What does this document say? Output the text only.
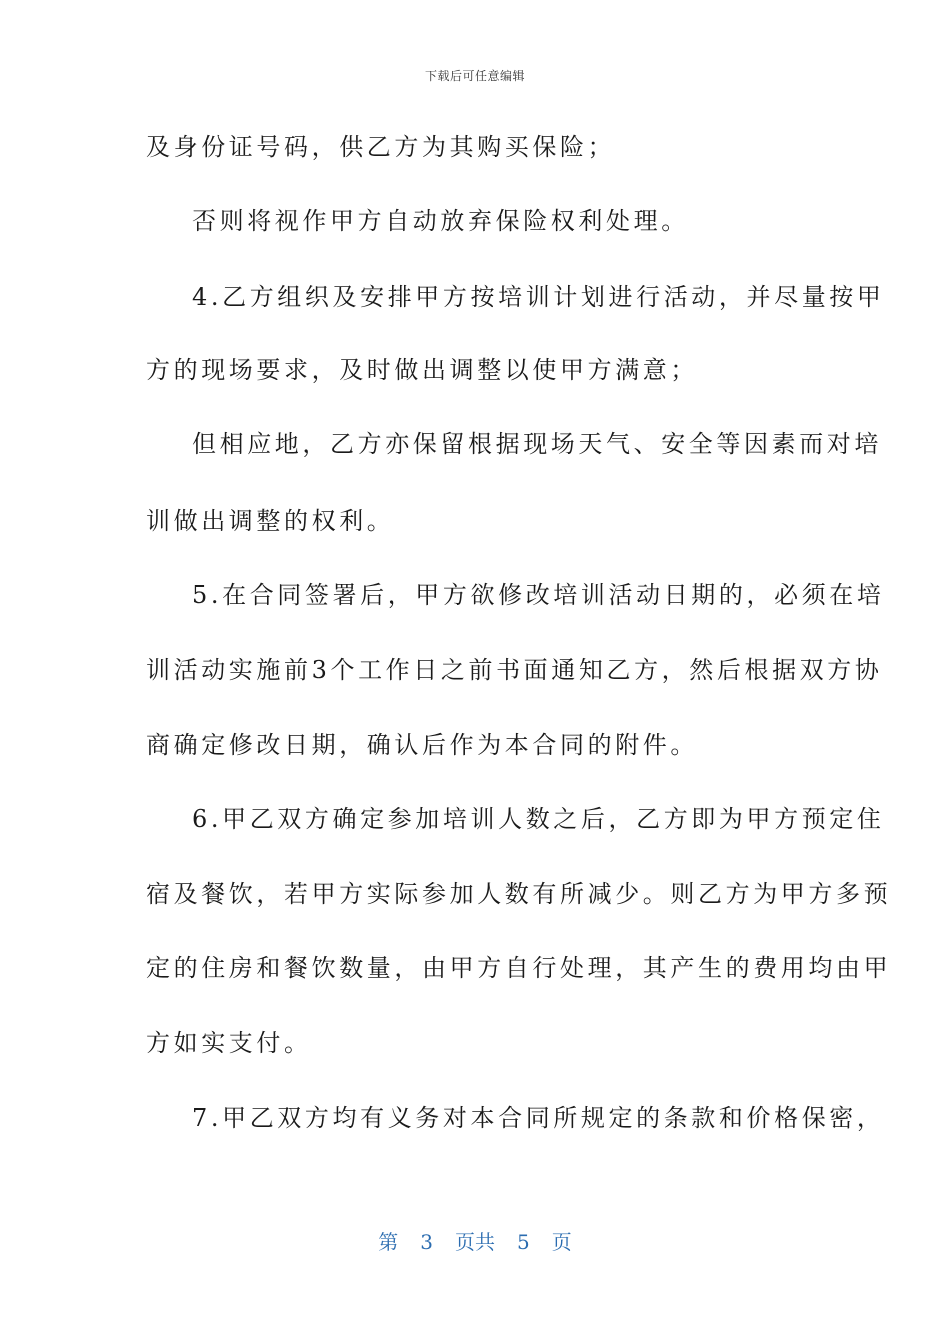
下载后可任意编辑
及身份证号码，供乙方为其购买保险；
否则将视作甲方自动放弃保险权利处理。
4.乙方组织及安排甲方按培训计划进行活动，并尽量按甲
方的现场要求，及时做出调整以使甲方满意；
但相应地，乙方亦保留根据现场天气、安全等因素而对培
训做出调整的权利。
5.在合同签署后，甲方欲修改培训活动日期的，必须在培
训活动实施前3个工作日之前书面通知乙方，然后根据双方协
商确定修改日期，确认后作为本合同的附件。
6.甲乙双方确定参加培训人数之后，乙方即为甲方预定住
宿及餐饮，若甲方实际参加人数有所减少。则乙方为甲方多预
定的住房和餐饮数量，由甲方自行处理，其产生的费用均由甲
方如实支付。
7.甲乙双方均有义务对本合同所规定的条款和价格保密，
第 3 页共 5 页
